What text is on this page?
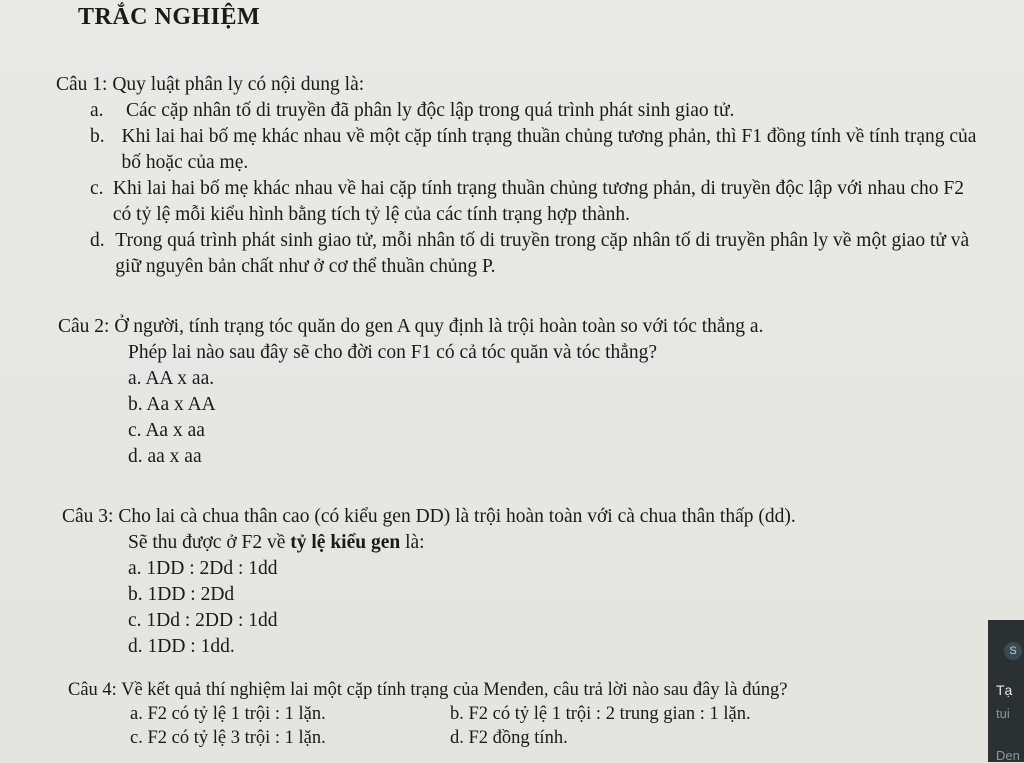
TRẮC NGHIỆM
Câu 1: Quy luật phân ly có nội dung là:
a.	Các cặp nhân tố di truyền đã phân ly độc lập trong quá trình phát sinh giao tử.
b. Khi lai hai bố mẹ khác nhau về một cặp tính trạng thuần chủng tương phản, thì F1 đồng tính về tính trạng của bố hoặc của mẹ.
c. Khi lai hai bố mẹ khác nhau về hai cặp tính trạng thuần chủng tương phản, di truyền độc lập với nhau cho F2 có tỷ lệ mỗi kiểu hình bằng tích tỷ lệ của các tính trạng hợp thành.
d. Trong quá trình phát sinh giao tử, mỗi nhân tố di truyền trong cặp nhân tố di truyền phân ly về một giao tử và giữ nguyên bản chất như ở cơ thể thuần chủng P.
Câu 2: Ở người, tính trạng tóc quăn do gen A quy định là trội hoàn toàn so với tóc thẳng a.
Phép lai nào sau đây sẽ cho đời con F1 có cả tóc quăn và tóc thẳng?
a. AA x aa.
b. Aa x AA
c. Aa x aa
d. aa x aa
Câu 3: Cho lai cà chua thân cao (có kiểu gen DD) là trội hoàn toàn với cà chua thân thấp (dd).
Sẽ thu được ở F2 về tỷ lệ kiểu gen là:
a. 1DD : 2Dd : 1dd
b. 1DD : 2Dd
c. 1Dd : 2DD : 1dd
d. 1DD : 1dd.
Câu 4: Về kết quả thí nghiệm lai một cặp tính trạng của Menđen, câu trả lời nào sau đây là đúng?
a. F2 có tỷ lệ 1 trội : 1 lặn.	b. F2 có tỷ lệ 1 trội : 2 trung gian : 1 lặn.
c. F2 có tỷ lệ 3 trội : 1 lặn.	d. F2 đồng tính.
S
Tạ
tui
Den
